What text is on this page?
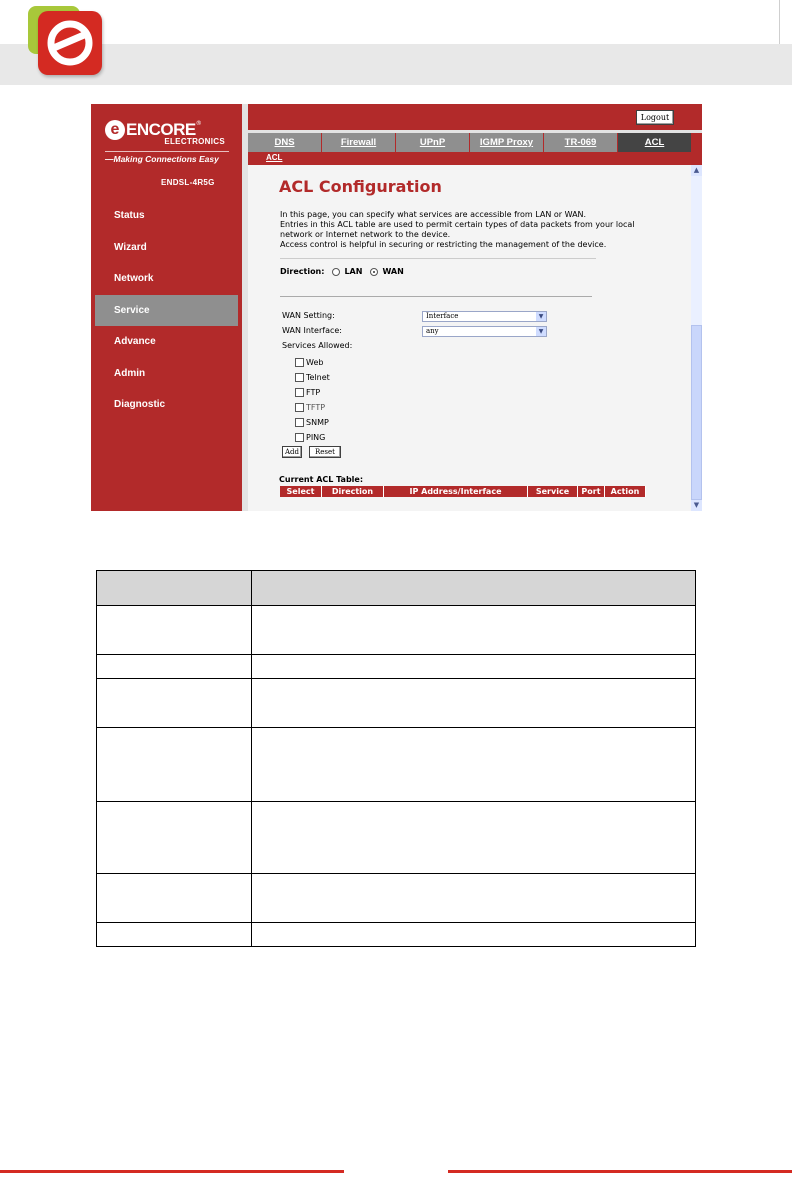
e ENCORE ®
ELECTRONICS
—Making Connections Easy
ENDSL-4R5G
Status
Wizard
Network
Service
Advance
Admin
Diagnostic
Logout
DNS	Firewall	UPnP	IGMP Proxy	TR-069	ACL
ACL
ACL Configuration
In this page, you can specify what services are accessible from LAN or WAN.
Entries in this ACL table are used to permit certain types of data packets from your local
network or Internet network to the device.
Access control is helpful in securing or restricting the management of the device.
Direction:	LAN	WAN
WAN Setting:	Interface	▼
WAN Interface:	any	▼
Services Allowed:
Web
Telnet
FTP
TFTP
SNMP
PING
Add	Reset
Current ACL Table:
Select	Direction	IP Address/Interface	Service	Port	Action
▲
▼
